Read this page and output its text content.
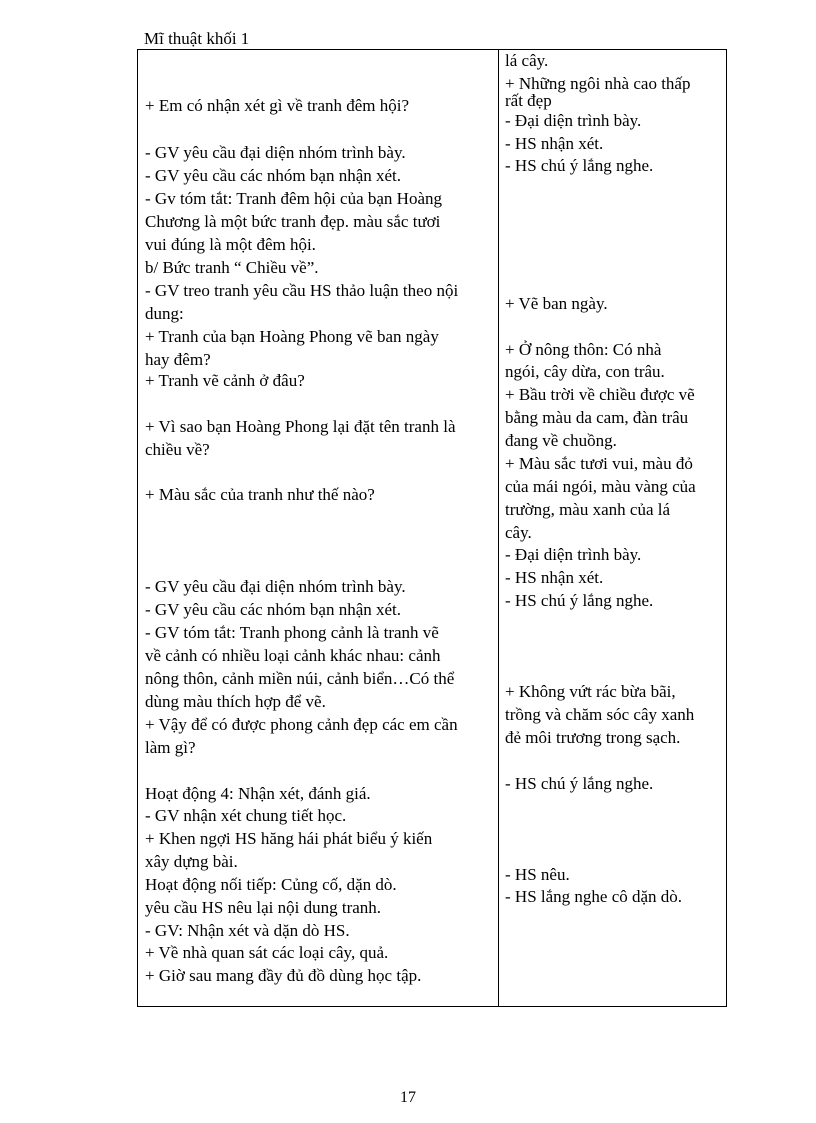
Mĩ thuật khối 1
+ Em có nhận xét gì về tranh đêm hội?
- GV yêu cầu đại diện nhóm trình bày.
- GV yêu cầu các nhóm bạn nhận xét.
- Gv tóm tắt: Tranh đêm hội của bạn Hoàng
Chương là một bức tranh đẹp. màu sắc tươi
vui đúng là một đêm hội.
b/ Bức tranh “ Chiều về”.
- GV treo tranh yêu cầu HS thảo luận theo nội
dung:
+ Tranh của bạn Hoàng Phong vẽ ban ngày
hay đêm?
+ Tranh vẽ cảnh ở đâu?
+ Vì sao bạn Hoàng Phong lại đặt tên tranh là
chiều về?
+ Màu sắc của tranh như thế nào?
- GV yêu cầu đại diện nhóm trình bày.
- GV yêu cầu các nhóm bạn nhận xét.
- GV tóm tắt: Tranh phong cảnh là tranh vẽ
về cảnh có nhiều loại cảnh khác nhau: cảnh
nông thôn, cảnh miền núi, cảnh biển…Có thể
dùng màu thích hợp để vẽ.
+ Vậy để có được phong cảnh đẹp các em cần
làm gì?
Hoạt động 4: Nhận xét, đánh giá.
- GV nhận xét chung tiết học.
+ Khen ngợi HS hăng hái phát biểu ý kiến
xây dựng bài.
Hoạt động nối tiếp: Củng cố, dặn dò.
yêu cầu HS nêu lại nội dung tranh.
- GV: Nhận xét và dặn dò HS.
+ Về nhà quan sát các loại cây, quả.
+ Giờ sau mang đầy đủ đồ dùng học tập.
lá cây.
+ Những ngôi nhà cao thấp
rất đẹp
- Đại diện trình bày.
- HS nhận xét.
- HS chú ý lắng nghe.
+ Vẽ ban ngày.
+ Ở nông thôn: Có nhà
ngói, cây dừa, con trâu.
+ Bầu trời về chiều được vẽ
bằng màu da cam, đàn trâu
đang về chuồng.
+ Màu sắc tươi vui, màu đỏ
của mái ngói, màu vàng của
trường, màu xanh của lá
cây.
- Đại diện trình bày.
- HS nhận xét.
- HS chú ý lắng nghe.
+ Không vứt rác bừa bãi,
trồng và chăm sóc cây xanh
đẻ môi trương trong sạch.
- HS chú ý lắng nghe.
- HS nêu.
- HS lắng nghe cô dặn dò.
17
